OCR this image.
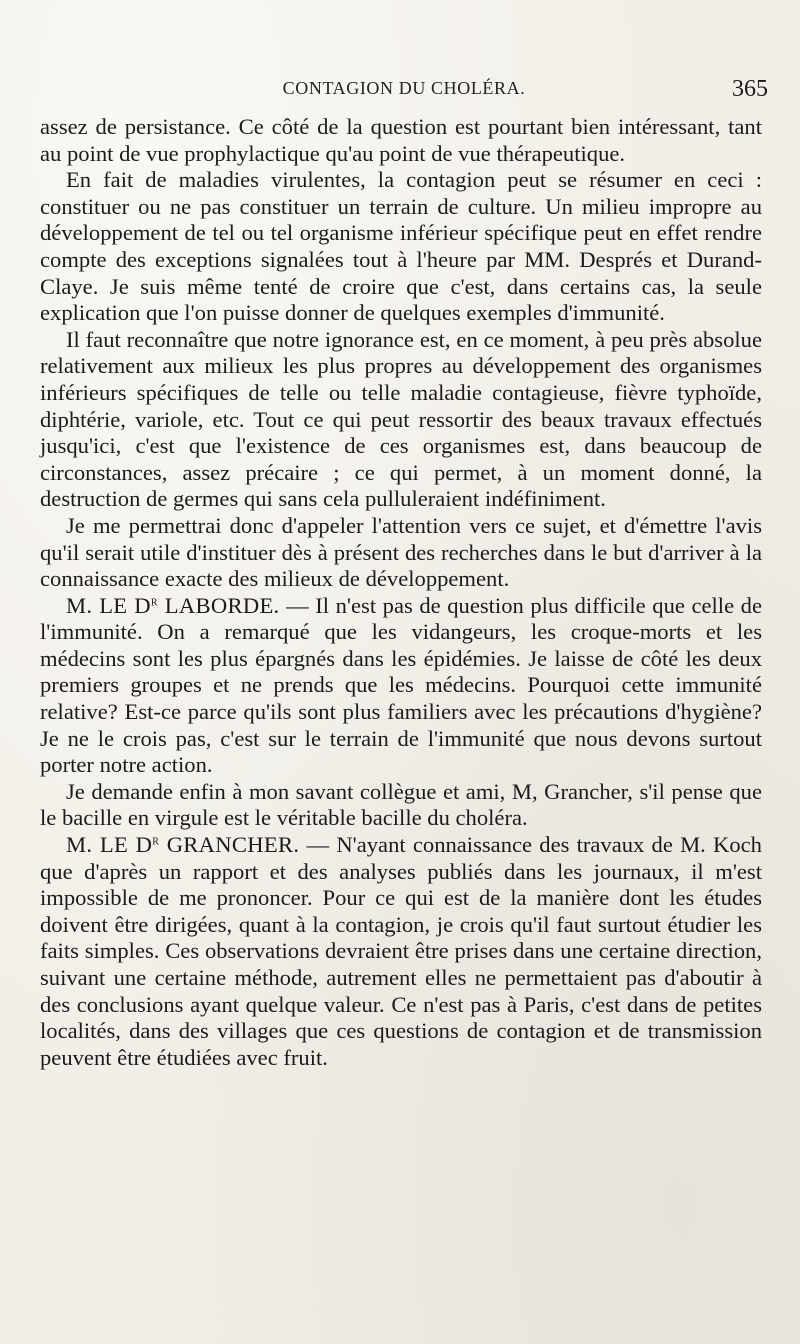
CONTAGION DU CHOLÉRA.	365

assez de persistance. Ce côté de la question est pourtant bien intéressant, tant au point de vue prophylactique qu'au point de vue thérapeutique.

En fait de maladies virulentes, la contagion peut se résumer en ceci : constituer ou ne pas constituer un terrain de culture. Un milieu impropre au développement de tel ou tel organisme inférieur spécifique peut en effet rendre compte des exceptions signalées tout à l'heure par MM. Després et Durand-Claye. Je suis même tenté de croire que c'est, dans certains cas, la seule explication que l'on puisse donner de quelques exemples d'immunité.

Il faut reconnaître que notre ignorance est, en ce moment, à peu près absolue relativement aux milieux les plus propres au développement des organismes inférieurs spécifiques de telle ou telle maladie contagieuse, fièvre typhoïde, diphtérie, variole, etc. Tout ce qui peut ressortir des beaux travaux effectués jusqu'ici, c'est que l'existence de ces organismes est, dans beaucoup de circonstances, assez précaire ; ce qui permet, à un moment donné, la destruction de germes qui sans cela pulluleraient indéfiniment.

Je me permettrai donc d'appeler l'attention vers ce sujet, et d'émettre l'avis qu'il serait utile d'instituer dès à présent des recherches dans le but d'arriver à la connaissance exacte des milieux de développement.

M. LE $D^r$ LABORDE. — Il n'est pas de question plus difficile que celle de l'immunité. On a remarqué que les vidangeurs, les croque-morts et les médecins sont les plus épargnés dans les épidémies. Je laisse de côté les deux premiers groupes et ne prends que les médecins. Pourquoi cette immunité relative? Est-ce parce qu'ils sont plus familiers avec les précautions d'hygiène? Je ne le crois pas, c'est sur le terrain de l'immunité que nous devons surtout porter notre action.

Je demande enfin à mon savant collègue et ami, M, Grancher, s'il pense que le bacille en virgule est le véritable bacille du choléra.

M. LE $D^r$ GRANCHER. — N'ayant connaissance des travaux de M. Koch que d'après un rapport et des analyses publiés dans les journaux, il m'est impossible de me prononcer. Pour ce qui est de la manière dont les études doivent être dirigées, quant à la contagion, je crois qu'il faut surtout étudier les faits simples. Ces observations devraient être prises dans une certaine direction, suivant une certaine méthode, autrement elles ne permettaient pas d'aboutir à des conclusions ayant quelque valeur. Ce n'est pas à Paris, c'est dans de petites localités, dans des villages que ces questions de contagion et de transmission peuvent être étudiées avec fruit.
